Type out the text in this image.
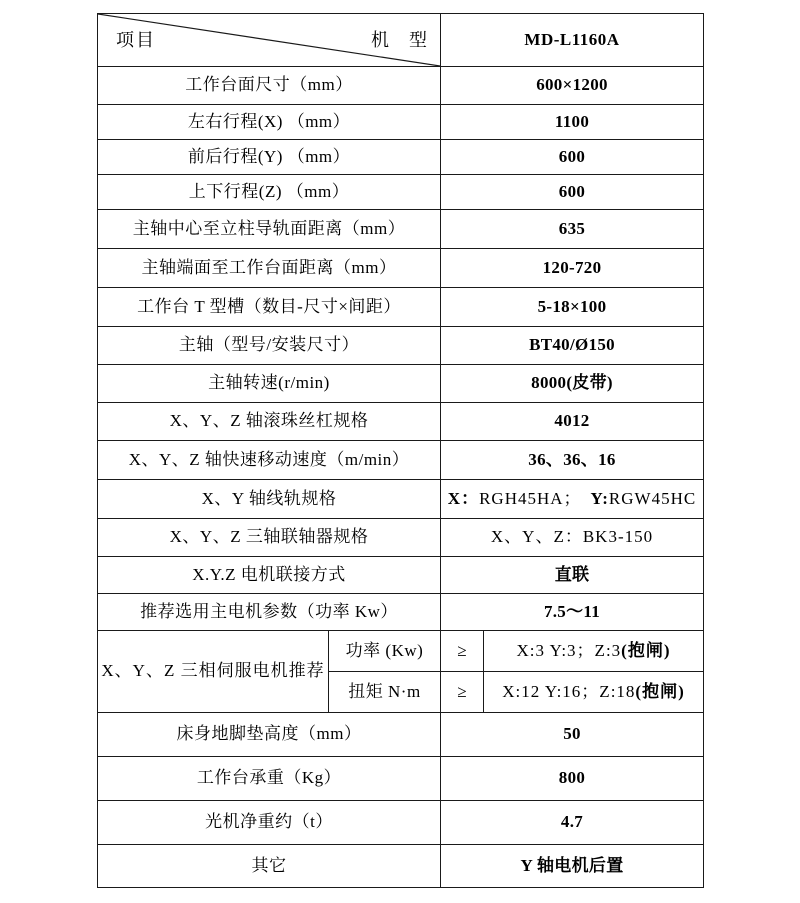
项目 机　型		MD-L1160A	
工作台面尺寸（mm）		600×1200	
左右行程(X) （mm）		1100	
前后行程(Y) （mm）		600	
上下行程(Z) （mm）		600	
主轴中心至立柱导轨面距离（mm）		635	
主轴端面至工作台面距离（mm）		120-720	
工作台 T 型槽（数目-尺寸×间距）		5-18×100	
主轴（型号/安装尺寸）		BT40/Ø150	
主轴转速(r/min)		8000(皮带)	
X、Y、Z 轴滚珠丝杠规格		4012	
X、Y、Z 轴快速移动速度（m/min）		36、36、16	
X、Y 轴线轨规格		X：RGH45HA； Y:RGW45HC	
X、Y、Z 三轴联轴器规格		X、Y、Z：BK3-150	
X.Y.Z 电机联接方式		直联	
推荐选用主电机参数（功率 Kw）		7.5～11	
X、Y、Z 三相伺服电机推荐	功率 (Kw)	≥	X:3 Y:3；Z:3(抱闸)
	扭矩 N·m	≥	X:12 Y:16；Z:18(抱闸)
床身地脚垫高度（mm）		50	
工作台承重（Kg）		800	
光机净重约（t）		4.7	
其它		Y 轴电机后置	
